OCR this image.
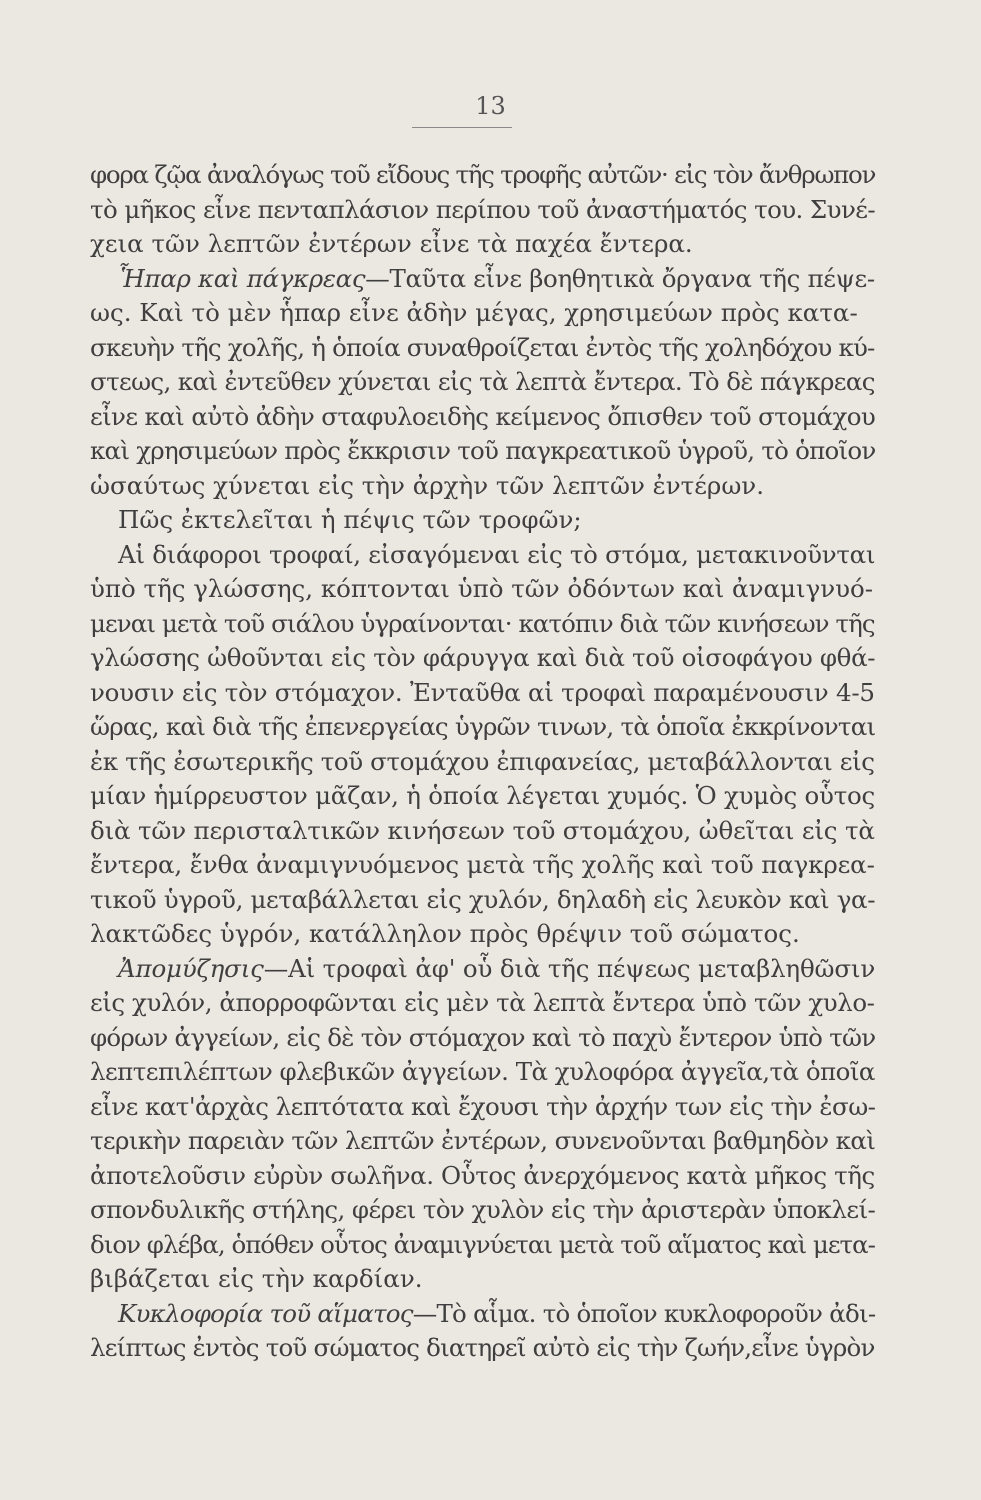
13
φορα ζῷα ἀναλόγως τοῦ εἴδους τῆς τροφῆς αὐτῶν· εἰς τὸν ἄνθρωπον
τὸ μῆκος εἶνε πενταπλάσιον περίπου τοῦ ἀναστήματός του. Συνέ-
χεια τῶν λεπτῶν ἐντέρων εἶνε τὰ παχέα ἔντερα.
Ἧπαρ καὶ πάγκρεας—Ταῦτα εἶνε βοηθητικὰ ὄργανα τῆς πέψε-
ως. Καὶ τὸ μὲν ἧπαρ εἶνε ἀδὴν μέγας, χρησιμεύων πρὸς κατα-
σκευὴν τῆς χολῆς, ἡ ὁποία συναθροίζεται ἐντὸς τῆς χοληδόχου κύ-
στεως, καὶ ἐντεῦθεν χύνεται εἰς τὰ λεπτὰ ἔντερα. Τὸ δὲ πάγκρεας
εἶνε καὶ αὐτὸ ἀδὴν σταφυλοειδὴς κείμενος ὄπισθεν τοῦ στομάχου
καὶ χρησιμεύων πρὸς ἔκκρισιν τοῦ παγκρεατικοῦ ὑγροῦ, τὸ ὁποῖον
ὡσαύτως χύνεται εἰς τὴν ἀρχὴν τῶν λεπτῶν ἐντέρων.
Πῶς ἐκτελεῖται ἡ πέψις τῶν τροφῶν;
Αἱ διάφοροι τροφαί, εἰσαγόμεναι εἰς τὸ στόμα, μετακινοῦνται
ὑπὸ τῆς γλώσσης, κόπτονται ὑπὸ τῶν ὀδόντων καὶ ἀναμιγνυό-
μεναι μετὰ τοῦ σιάλου ὑγραίνονται· κατόπιν διὰ τῶν κινήσεων τῆς
γλώσσης ὠθοῦνται εἰς τὸν φάρυγγα καὶ διὰ τοῦ οἰσοφάγου φθά-
νουσιν εἰς τὸν στόμαχον. Ἐνταῦθα αἱ τροφαὶ παραμένουσιν 4-5
ὥρας, καὶ διὰ τῆς ἐπενεργείας ὑγρῶν τινων, τὰ ὁποῖα ἐκκρίνονται
ἐκ τῆς ἐσωτερικῆς τοῦ στομάχου ἐπιφανείας, μεταβάλλονται εἰς
μίαν ἡμίρρευστον μᾶζαν, ἡ ὁποία λέγεται χυμός. Ὁ χυμὸς οὗτος
διὰ τῶν περισταλτικῶν κινήσεων τοῦ στομάχου, ὠθεῖται εἰς τὰ
ἔντερα, ἔνθα ἀναμιγνυόμενος μετὰ τῆς χολῆς καὶ τοῦ παγκρεα-
τικοῦ ὑγροῦ, μεταβάλλεται εἰς χυλόν, δηλαδὴ εἰς λευκὸν καὶ γα-
λακτῶδες ὑγρόν, κατάλληλον πρὸς θρέψιν τοῦ σώματος.
Ἀπομύζησις—Αἱ τροφαὶ ἀφ' οὗ διὰ τῆς πέψεως μεταβληθῶσιν
εἰς χυλόν, ἀπορροφῶνται εἰς μὲν τὰ λεπτὰ ἔντερα ὑπὸ τῶν χυλο-
φόρων ἀγγείων, εἰς δὲ τὸν στόμαχον καὶ τὸ παχὺ ἔντερον ὑπὸ τῶν
λεπτεπιλέπτων φλεβικῶν ἀγγείων. Τὰ χυλοφόρα ἀγγεῖα,τὰ ὁποῖα
εἶνε κατ'ἀρχὰς λεπτότατα καὶ ἔχουσι τὴν ἀρχήν των εἰς τὴν ἐσω-
τερικὴν παρειὰν τῶν λεπτῶν ἐντέρων, συνενοῦνται βαθμηδὸν καὶ
ἀποτελοῦσιν εὐρὺν σωλῆνα. Οὗτος ἀνερχόμενος κατὰ μῆκος τῆς
σπονδυλικῆς στήλης, φέρει τὸν χυλὸν εἰς τὴν ἀριστερὰν ὑποκλεί-
διον φλέβα, ὁπόθεν οὗτος ἀναμιγνύεται μετὰ τοῦ αἵματος καὶ μετα-
βιβάζεται εἰς τὴν καρδίαν.
Κυκλοφορία τοῦ αἵματος—Τὸ αἷμα. τὸ ὁποῖον κυκλοφοροῦν ἀδι-
λείπτως ἐντὸς τοῦ σώματος διατηρεῖ αὐτὸ εἰς τὴν ζωήν,εἶνε ὑγρὸν
